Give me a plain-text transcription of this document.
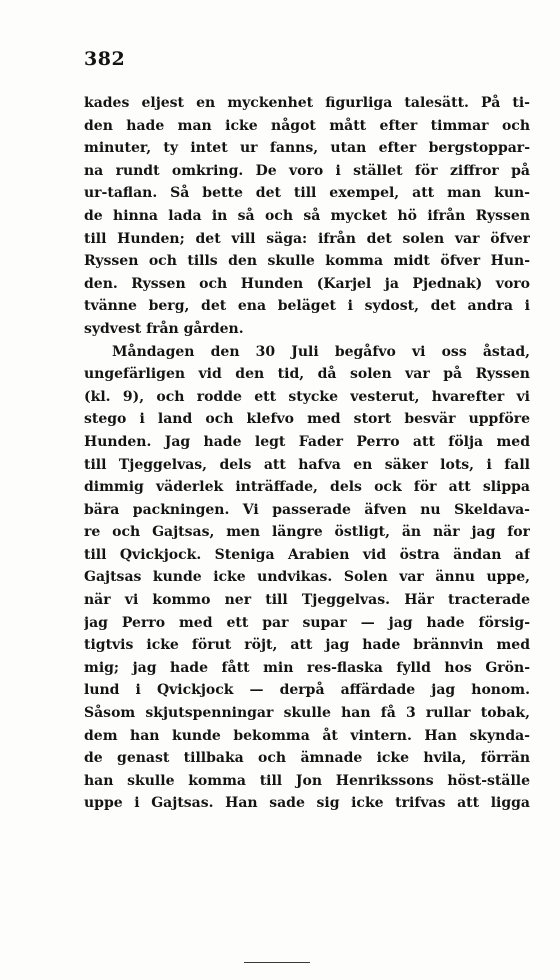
382
kades eljest en myckenhet figurliga talesätt. På ti-
den hade man icke något mått efter timmar och
minuter, ty intet ur fanns, utan efter bergstoppar-
na rundt omkring. De voro i stället för ziffror på
ur-taflan. Så bette det till exempel, att man kun-
de hinna lada in så och så mycket hö ifrån Ryssen
till Hunden; det vill säga: ifrån det solen var öfver
Ryssen och tills den skulle komma midt öfver Hun-
den. Ryssen och Hunden (Karjel ja Pjednak) voro
tvänne berg, det ena beläget i sydost, det andra i
sydvest från gården.
Måndagen den 30 Juli begåfvo vi oss åstad,
ungefärligen vid den tid, då solen var på Ryssen
(kl. 9), och rodde ett stycke vesterut, hvarefter vi
stego i land och klefvo med stort besvär uppföre
Hunden. Jag hade legt Fader Perro att följa med
till Tjeggelvas, dels att hafva en säker lots, i fall
dimmig väderlek inträffade, dels ock för att slippa
bära packningen. Vi passerade äfven nu Skeldava-
re och Gajtsas, men längre östligt, än när jag for
till Qvickjock. Steniga Arabien vid östra ändan af
Gajtsas kunde icke undvikas. Solen var ännu uppe,
när vi kommo ner till Tjeggelvas. Här tracterade
jag Perro med ett par supar — jag hade försig-
tigtvis icke förut röjt, att jag hade brännvin med
mig; jag hade fått min res-flaska fylld hos Grön-
lund i Qvickjock — derpå affärdade jag honom.
Såsom skjutspenningar skulle han få 3 rullar tobak,
dem han kunde bekomma åt vintern. Han skynda-
de genast tillbaka och ämnade icke hvila, förrän
han skulle komma till Jon Henrikssons höst-ställe
uppe i Gajtsas. Han sade sig icke trifvas att ligga
